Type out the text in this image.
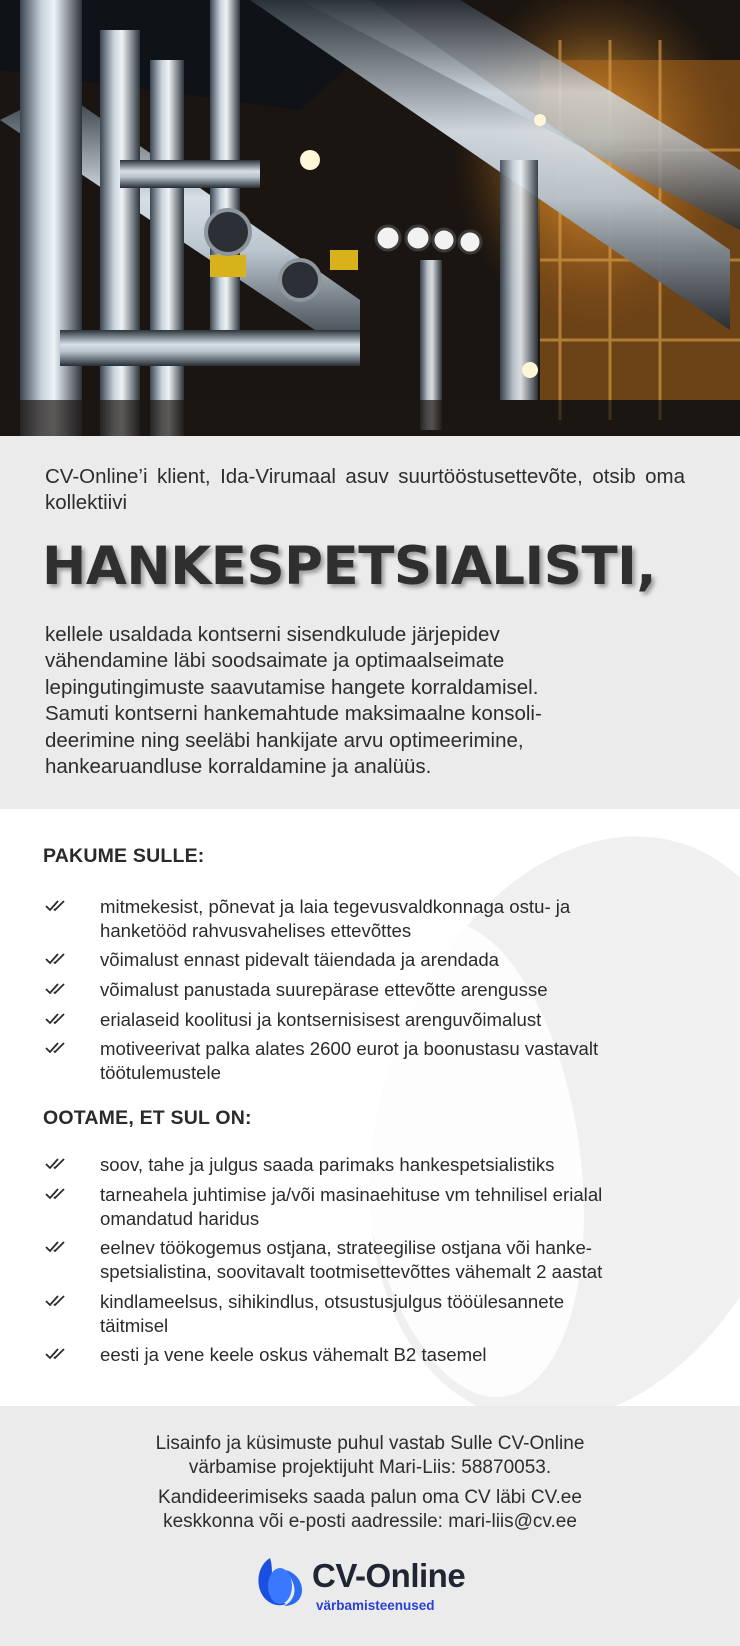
CV-Online’i klient, Ida-Virumaal asuv suurtööstusettevõte, otsib oma kollektiivi

HANKESPETSIALISTI,
kellele usaldada kontserni sisendkulude järjepidev
vähendamine läbi soodsaimate ja optimaalseimate
lepingutingimuste saavutamise hangete korraldamisel.
Samuti kontserni hankemahtude maksimaalne konsoli-
deerimine ning seeläbi hankijate arvu optimeerimine,
hankearuandluse korraldamine ja analüüs.
PAKUME SULLE:
mitmekesist, põnevat ja laia tegevusvaldkonnaga ostu- ja
hanketööd rahvusvahelises ettevõttes
võimalust ennast pidevalt täiendada ja arendada
võimalust panustada suurepärase ettevõtte arengusse
erialaseid koolitusi ja kontsernisisest arenguvõimalust
motiveerivat palka alates 2600 eurot ja boonustasu vastavalt
töötulemustele
OOTAME, ET SUL ON:
soov, tahe ja julgus saada parimaks hankespetsialistiks
tarneahela juhtimise ja/või masinaehituse vm tehnilisel erialal
omandatud haridus
eelnev töökogemus ostjana, strateegilise ostjana või hanke-
spetsialistina, soovitavalt tootmisettevõttes vähemalt 2 aastat
kindlameelsus, sihikindlus, otsustusjulgus tööülesannete
täitmisel
eesti ja vene keele oskus vähemalt B2 tasemel
Lisainfo ja küsimuste puhul vastab Sulle CV-Online
värbamise projektijuht Mari-Liis: 58870053.
Kandideerimiseks saada palun oma CV läbi CV.ee
keskkonna või e-posti aadressile: mari-liis@cv.ee
CV-Online
värbamisteenused
